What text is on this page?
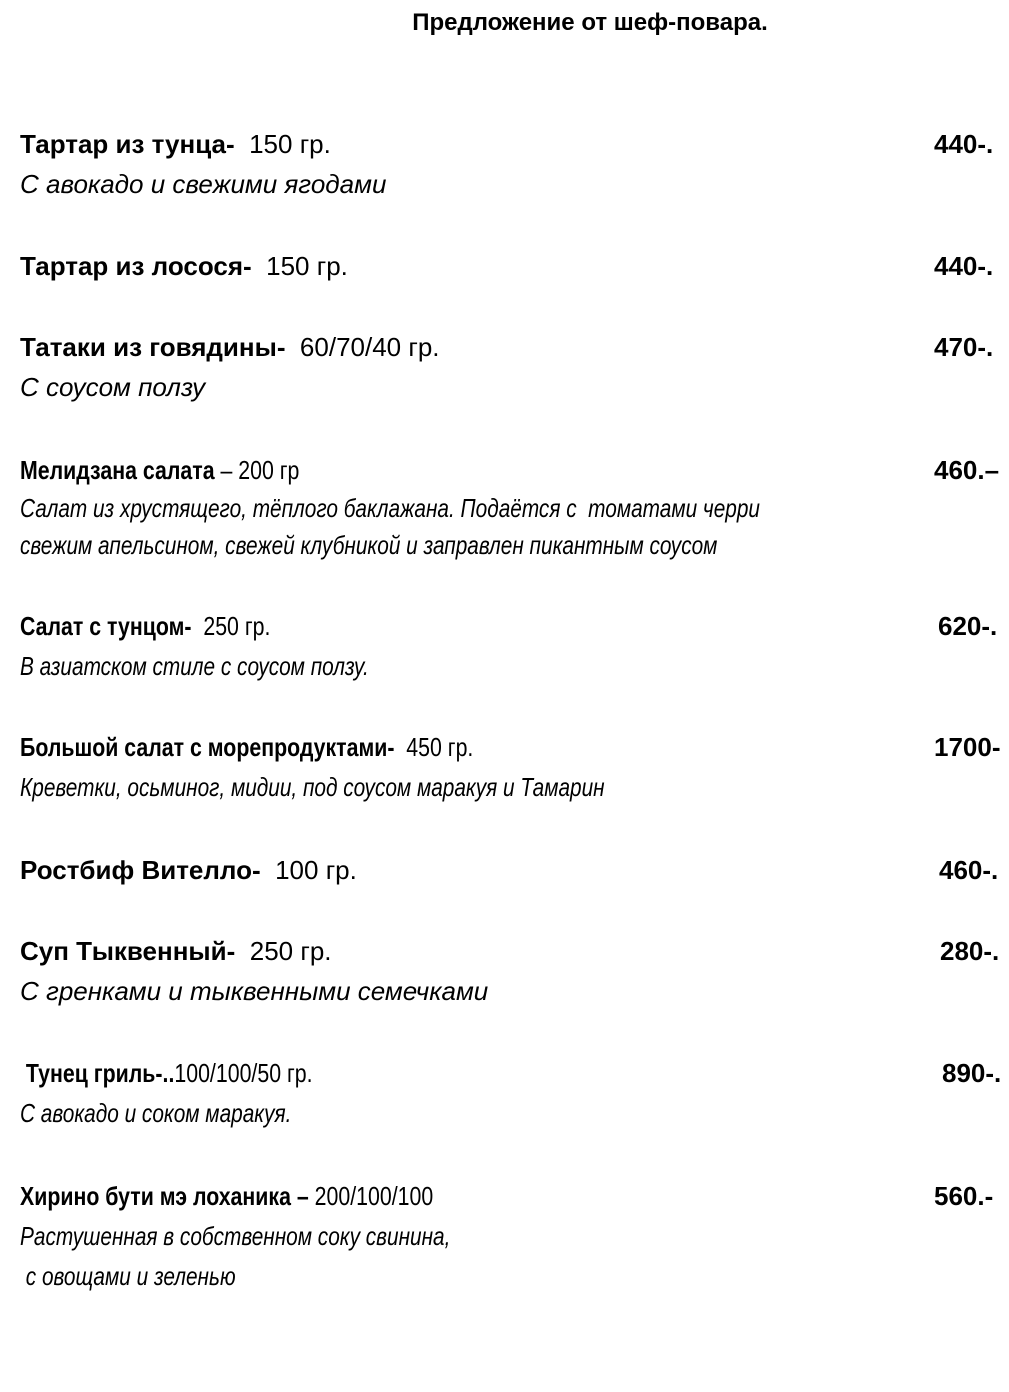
Предложение от шеф-повара.
Тартар из тунца-  150 гр.	440-.
С авокадо и свежими ягодами
Тартар из лосося-  150 гр.	440-.
Татаки из говядины-  60/70/40 гр.	470-.
С соусом ползу
Мелидзана салата – 200 гр	460.–
Салат из хрустящего, тёплого баклажана. Подаётся с  томатами черри
свежим апельсином, свежей клубникой и заправлен пикантным соусом
Салат с тунцом-  250 гр.	620-.
В азиатском стиле с соусом ползу.
Большой салат с морепродуктами-  450 гр.	1700-
Креветки, осьминог, мидии, под соусом маракуя и Тамарин
Ростбиф Вителло-  100 гр.	460-.
Суп Тыквенный-  250 гр.	280-.
С гренками и тыквенными семечками
Тунец гриль-..100/100/50 гр.	890-.
С авокадо и соком маракуя.
Хирино бути мэ лоханика – 200/100/100	560.-
Растушенная в собственном соку свинина,
с овощами и зеленью
